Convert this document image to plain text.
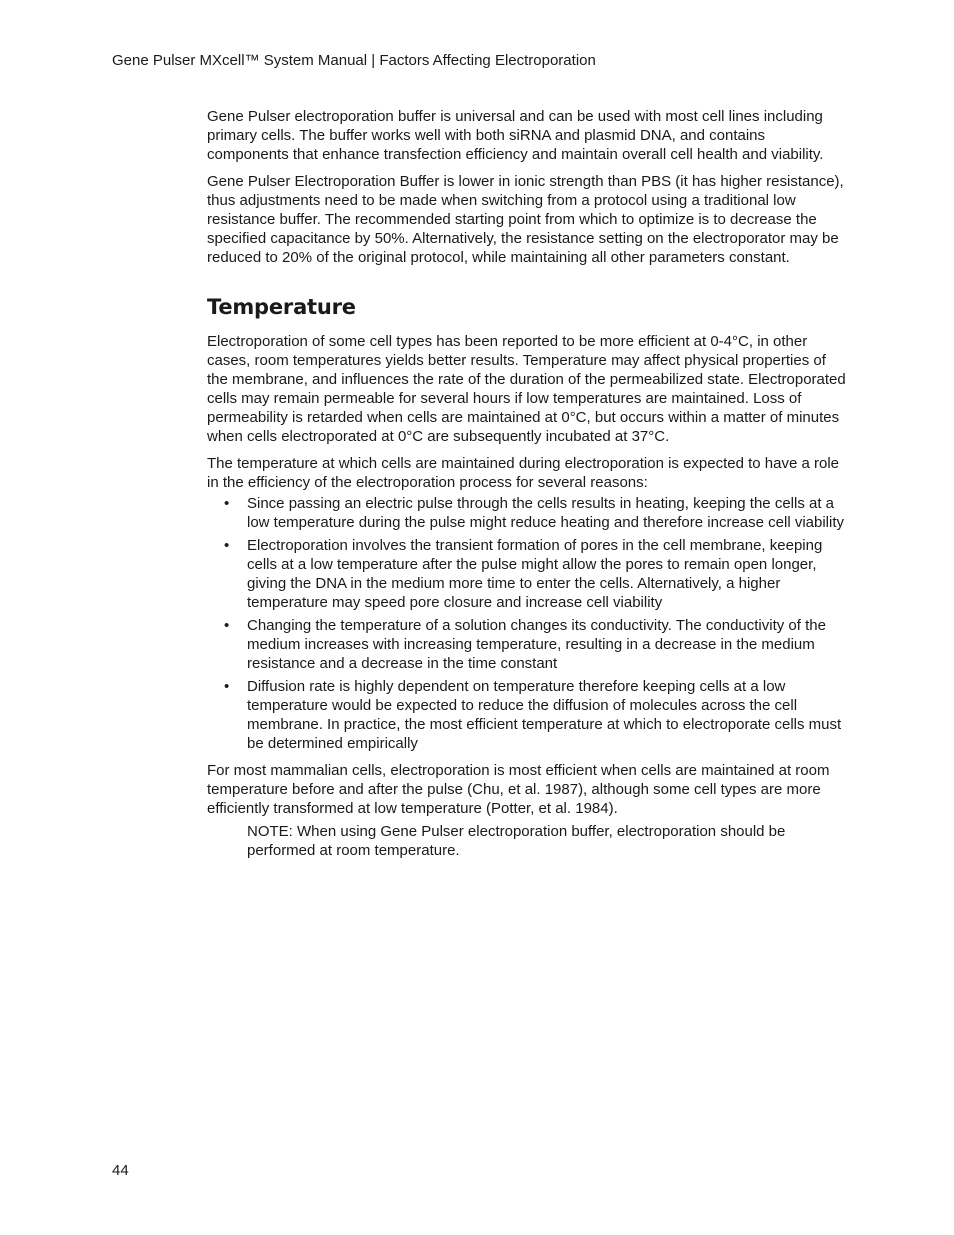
Gene Pulser MXcell™ System Manual | Factors Affecting Electroporation

Gene Pulser electroporation buffer is universal and can be used with most cell lines including primary cells. The buffer works well with both siRNA and plasmid DNA, and contains components that enhance transfection efficiency and maintain overall cell health and viability.

Gene Pulser Electroporation Buffer is lower in ionic strength than PBS (it has higher resistance), thus adjustments need to be made when switching from a protocol using a traditional low resistance buffer. The recommended starting point from which to optimize is to decrease the specified capacitance by 50%. Alternatively, the resistance setting on the electroporator may be reduced to 20% of the original protocol, while maintaining all other parameters constant.

Temperature

Electroporation of some cell types has been reported to be more efficient at 0-4°C, in other cases, room temperatures yields better results. Temperature may affect physical properties of the membrane, and influences the rate of the duration of the permeabilized state. Electroporated cells may remain permeable for several hours if low temperatures are maintained. Loss of permeability is retarded when cells are maintained at 0°C, but occurs within a matter of minutes when cells electroporated at 0°C are subsequently incubated at 37°C.

The temperature at which cells are maintained during electroporation is expected to have a role in the efficiency of the electroporation process for several reasons:

• Since passing an electric pulse through the cells results in heating, keeping the cells at a low temperature during the pulse might reduce heating and therefore increase cell viability
• Electroporation involves the transient formation of pores in the cell membrane, keeping cells at a low temperature after the pulse might allow the pores to remain open longer, giving the DNA in the medium more time to enter the cells. Alternatively, a higher temperature may speed pore closure and increase cell viability
• Changing the temperature of a solution changes its conductivity. The conductivity of the medium increases with increasing temperature, resulting in a decrease in the medium resistance and a decrease in the time constant
• Diffusion rate is highly dependent on temperature therefore keeping cells at a low temperature would be expected to reduce the diffusion of molecules across the cell membrane. In practice, the most efficient temperature at which to electroporate cells must be determined empirically

For most mammalian cells, electroporation is most efficient when cells are maintained at room temperature before and after the pulse (Chu, et al. 1987), although some cell types are more efficiently transformed at low temperature (Potter, et al. 1984).

NOTE: When using Gene Pulser electroporation buffer, electroporation should be performed at room temperature.

44
